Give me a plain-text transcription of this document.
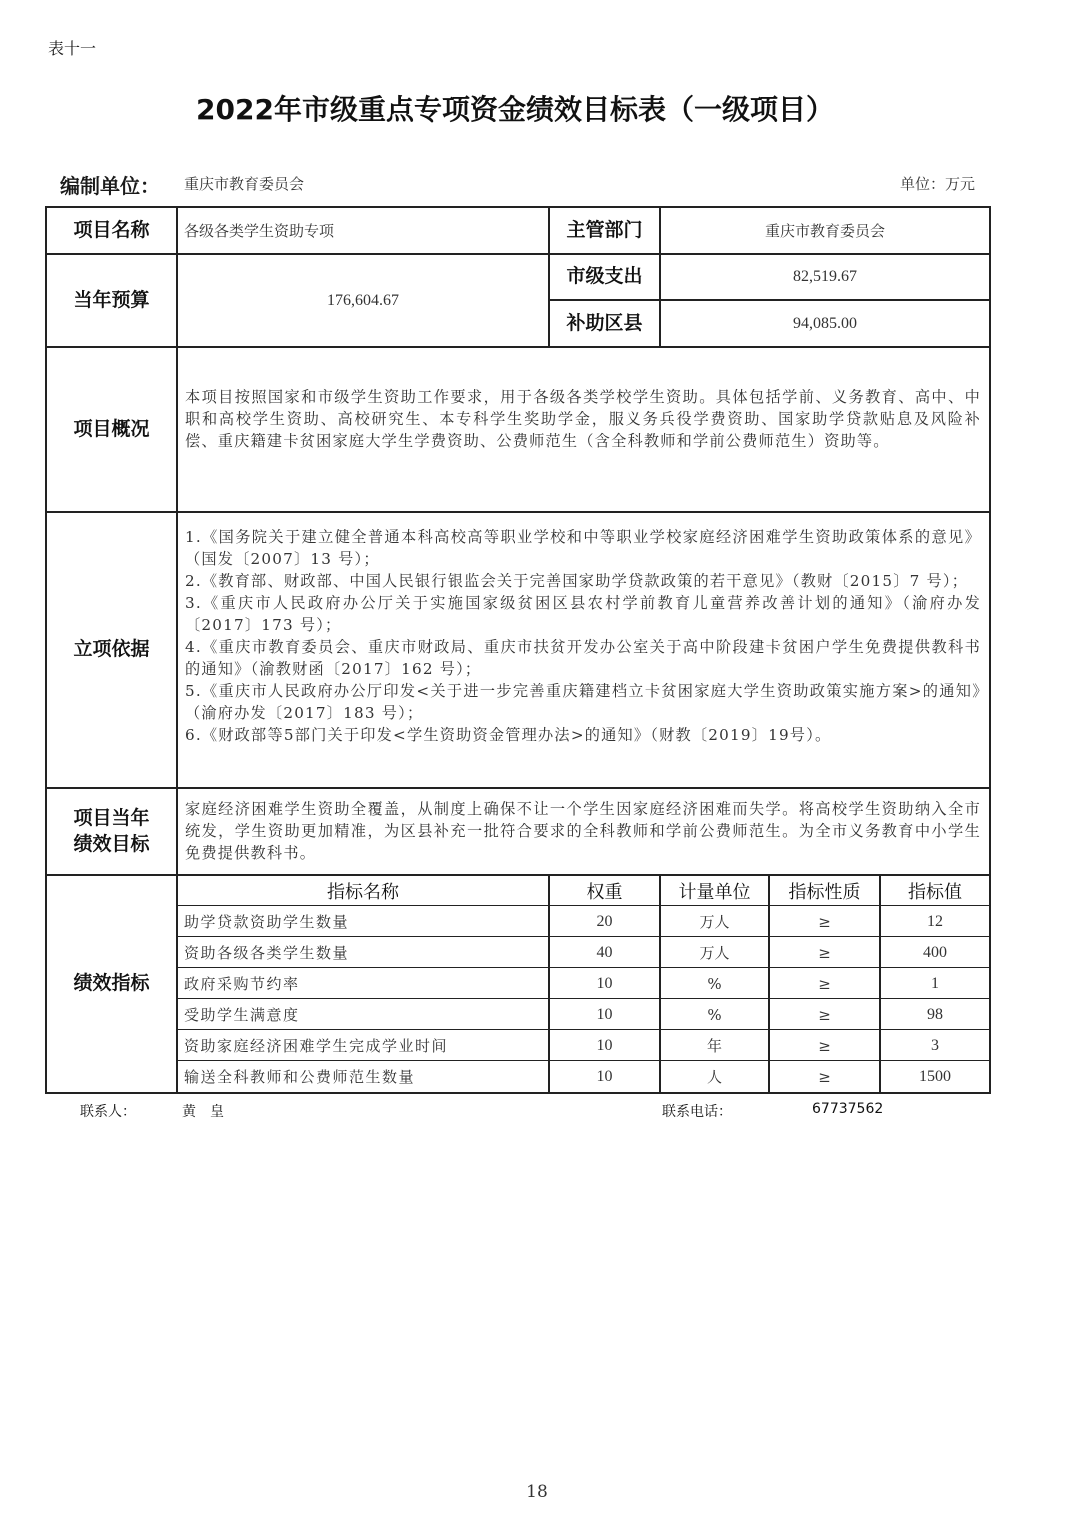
表十一
2022年市级重点专项资金绩效目标表（一级项目）
编制单位： 重庆市教育委员会	单位：万元
项目名称	各级各类学生资助专项	主管部门	重庆市教育委员会
当年预算	176,604.67
市级支出	82,519.67
补助区县	94,085.00
项目概况
本项目按照国家和市级学生资助工作要求，用于各级各类学校学生资助。具体包括学前、义务教育、高中、中职和高校学生资助、高校研究生、本专科学生奖助学金，服义务兵役学费资助、国家助学贷款贴息及风险补偿、重庆籍建卡贫困家庭大学生学费资助、公费师范生（含全科教师和学前公费师范生）资助等。
立项依据
1.《国务院关于建立健全普通本科高校高等职业学校和中等职业学校家庭经济困难学生资助政策体系的意见》（国发〔2007〕13 号）；
2.《教育部、财政部、中国人民银行银监会关于完善国家助学贷款政策的若干意见》（教财〔2015〕7 号）；
3.《重庆市人民政府办公厅关于实施国家级贫困区县农村学前教育儿童营养改善计划的通知》（渝府办发〔2017〕173 号）；
4.《重庆市教育委员会、重庆市财政局、重庆市扶贫开发办公室关于高中阶段建卡贫困户学生免费提供教科书的通知》（渝教财函〔2017〕162 号）；
5.《重庆市人民政府办公厅印发<关于进一步完善重庆籍建档立卡贫困家庭大学生资助政策实施方案>的通知》（渝府办发〔2017〕183 号）；
6.《财政部等5部门关于印发<学生资助资金管理办法>的通知》（财教〔2019〕19号）。
项目当年
绩效目标
家庭经济困难学生资助全覆盖，从制度上确保不让一个学生因家庭经济困难而失学。将高校学生资助纳入全市统发，学生资助更加精准，为区县补充一批符合要求的全科教师和学前公费师范生。为全市义务教育中小学生免费提供教科书。
绩效指标
指标名称	权重	计量单位	指标性质	指标值
助学贷款资助学生数量	20	万人	≥	12
资助各级各类学生数量	40	万人	≥	400
政府采购节约率	10	%	≥	1
受助学生满意度	10	%	≥	98
资助家庭经济困难学生完成学业时间	10	年	≥	3
输送全科教师和公费师范生数量	10	人	≥	1500
联系人：	黄　皇	联系电话：	67737562
18
